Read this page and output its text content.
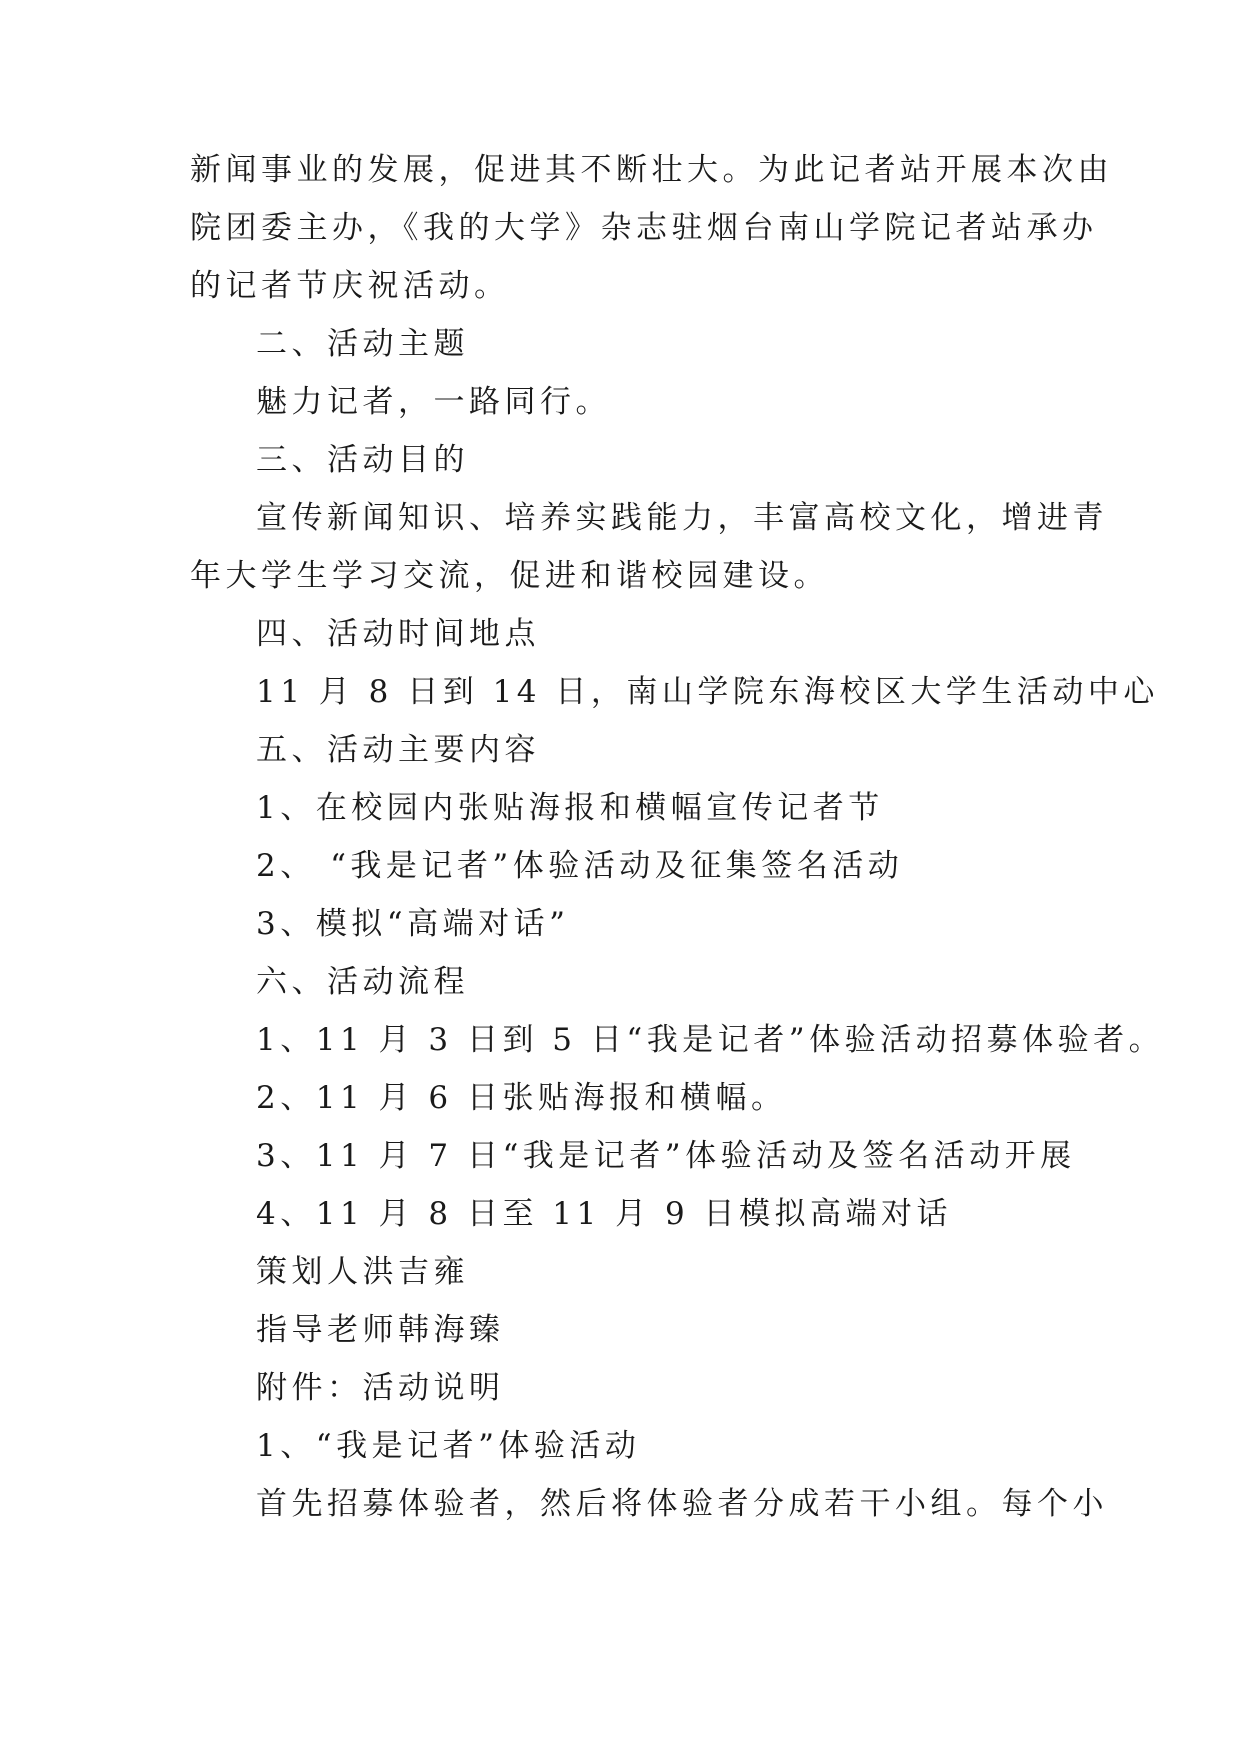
新闻事业的发展，促进其不断壮大。为此记者站开展本次由
院团委主办，《我的大学》杂志驻烟台南山学院记者站承办
的记者节庆祝活动。
二、活动主题
魅力记者，一路同行。
三、活动目的
宣传新闻知识、培养实践能力，丰富高校文化，增进青
年大学生学习交流，促进和谐校园建设。
四、活动时间地点
11 月 8 日到 14 日，南山学院东海校区大学生活动中心
五、活动主要内容
1、在校园内张贴海报和横幅宣传记者节
2、 “我是记者”体验活动及征集签名活动
3、模拟“高端对话”
六、活动流程
1、11 月 3 日到 5 日“我是记者”体验活动招募体验者。
2、11 月 6 日张贴海报和横幅。
3、11 月 7 日“我是记者”体验活动及签名活动开展
4、11 月 8 日至 11 月 9 日模拟高端对话
策划人洪吉雍
指导老师韩海臻
附件：活动说明
1、“我是记者”体验活动
首先招募体验者，然后将体验者分成若干小组。每个小
